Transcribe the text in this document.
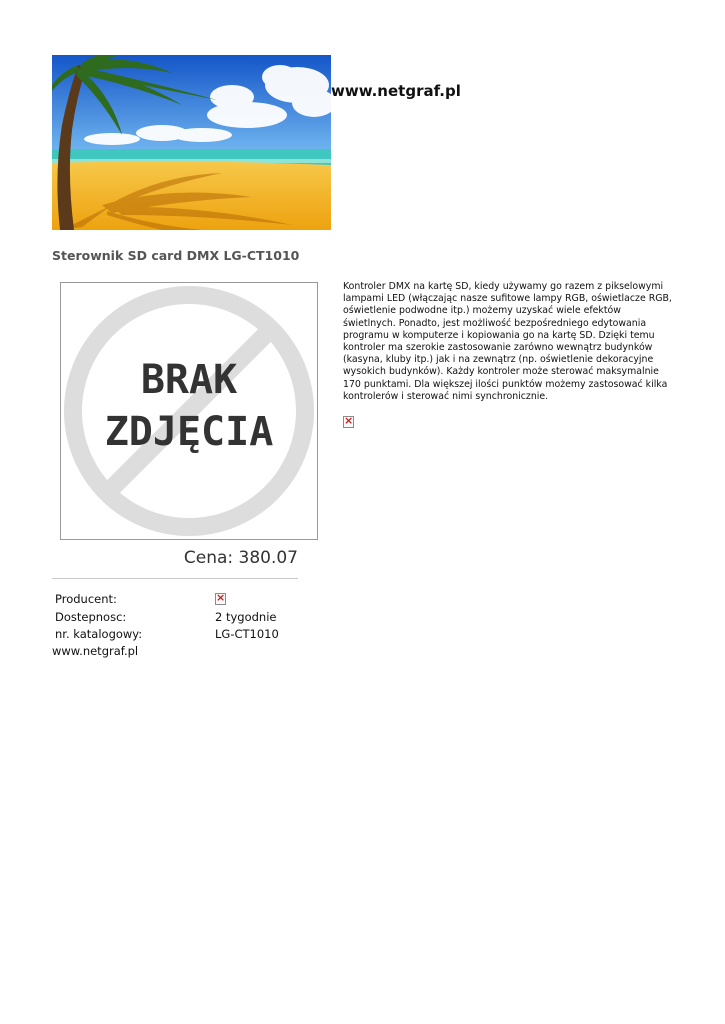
www.netgraf.pl
Sterownik SD card DMX LG-CT1010
BRAK
ZDJĘCIA
Cena: 380.07
Producent:
×
Dostepnosc:	2 tygodnie
nr. katalogowy:	LG-CT1010
www.netgraf.pl

Kontroler DMX na kartę SD, kiedy używamy go razem z pikselowymi lampami LED (włączając nasze sufitowe lampy RGB, oświetlacze RGB, oświetlenie podwodne itp.) możemy uzyskać wiele efektów świetlnych. Ponadto, jest możliwość bezpośredniego edytowania programu w komputerze i kopiowania go na kartę SD. Dzięki temu kontroler ma szerokie zastosowanie zarówno wewnątrz budynków (kasyna, kluby itp.) jak i na zewnątrz (np. oświetlenie dekoracyjne wysokich budynków). Każdy kontroler może sterować maksymalnie 170 punktami. Dla większej ilości punktów możemy zastosować kilka kontrolerów i sterować nimi synchronicznie.

×
